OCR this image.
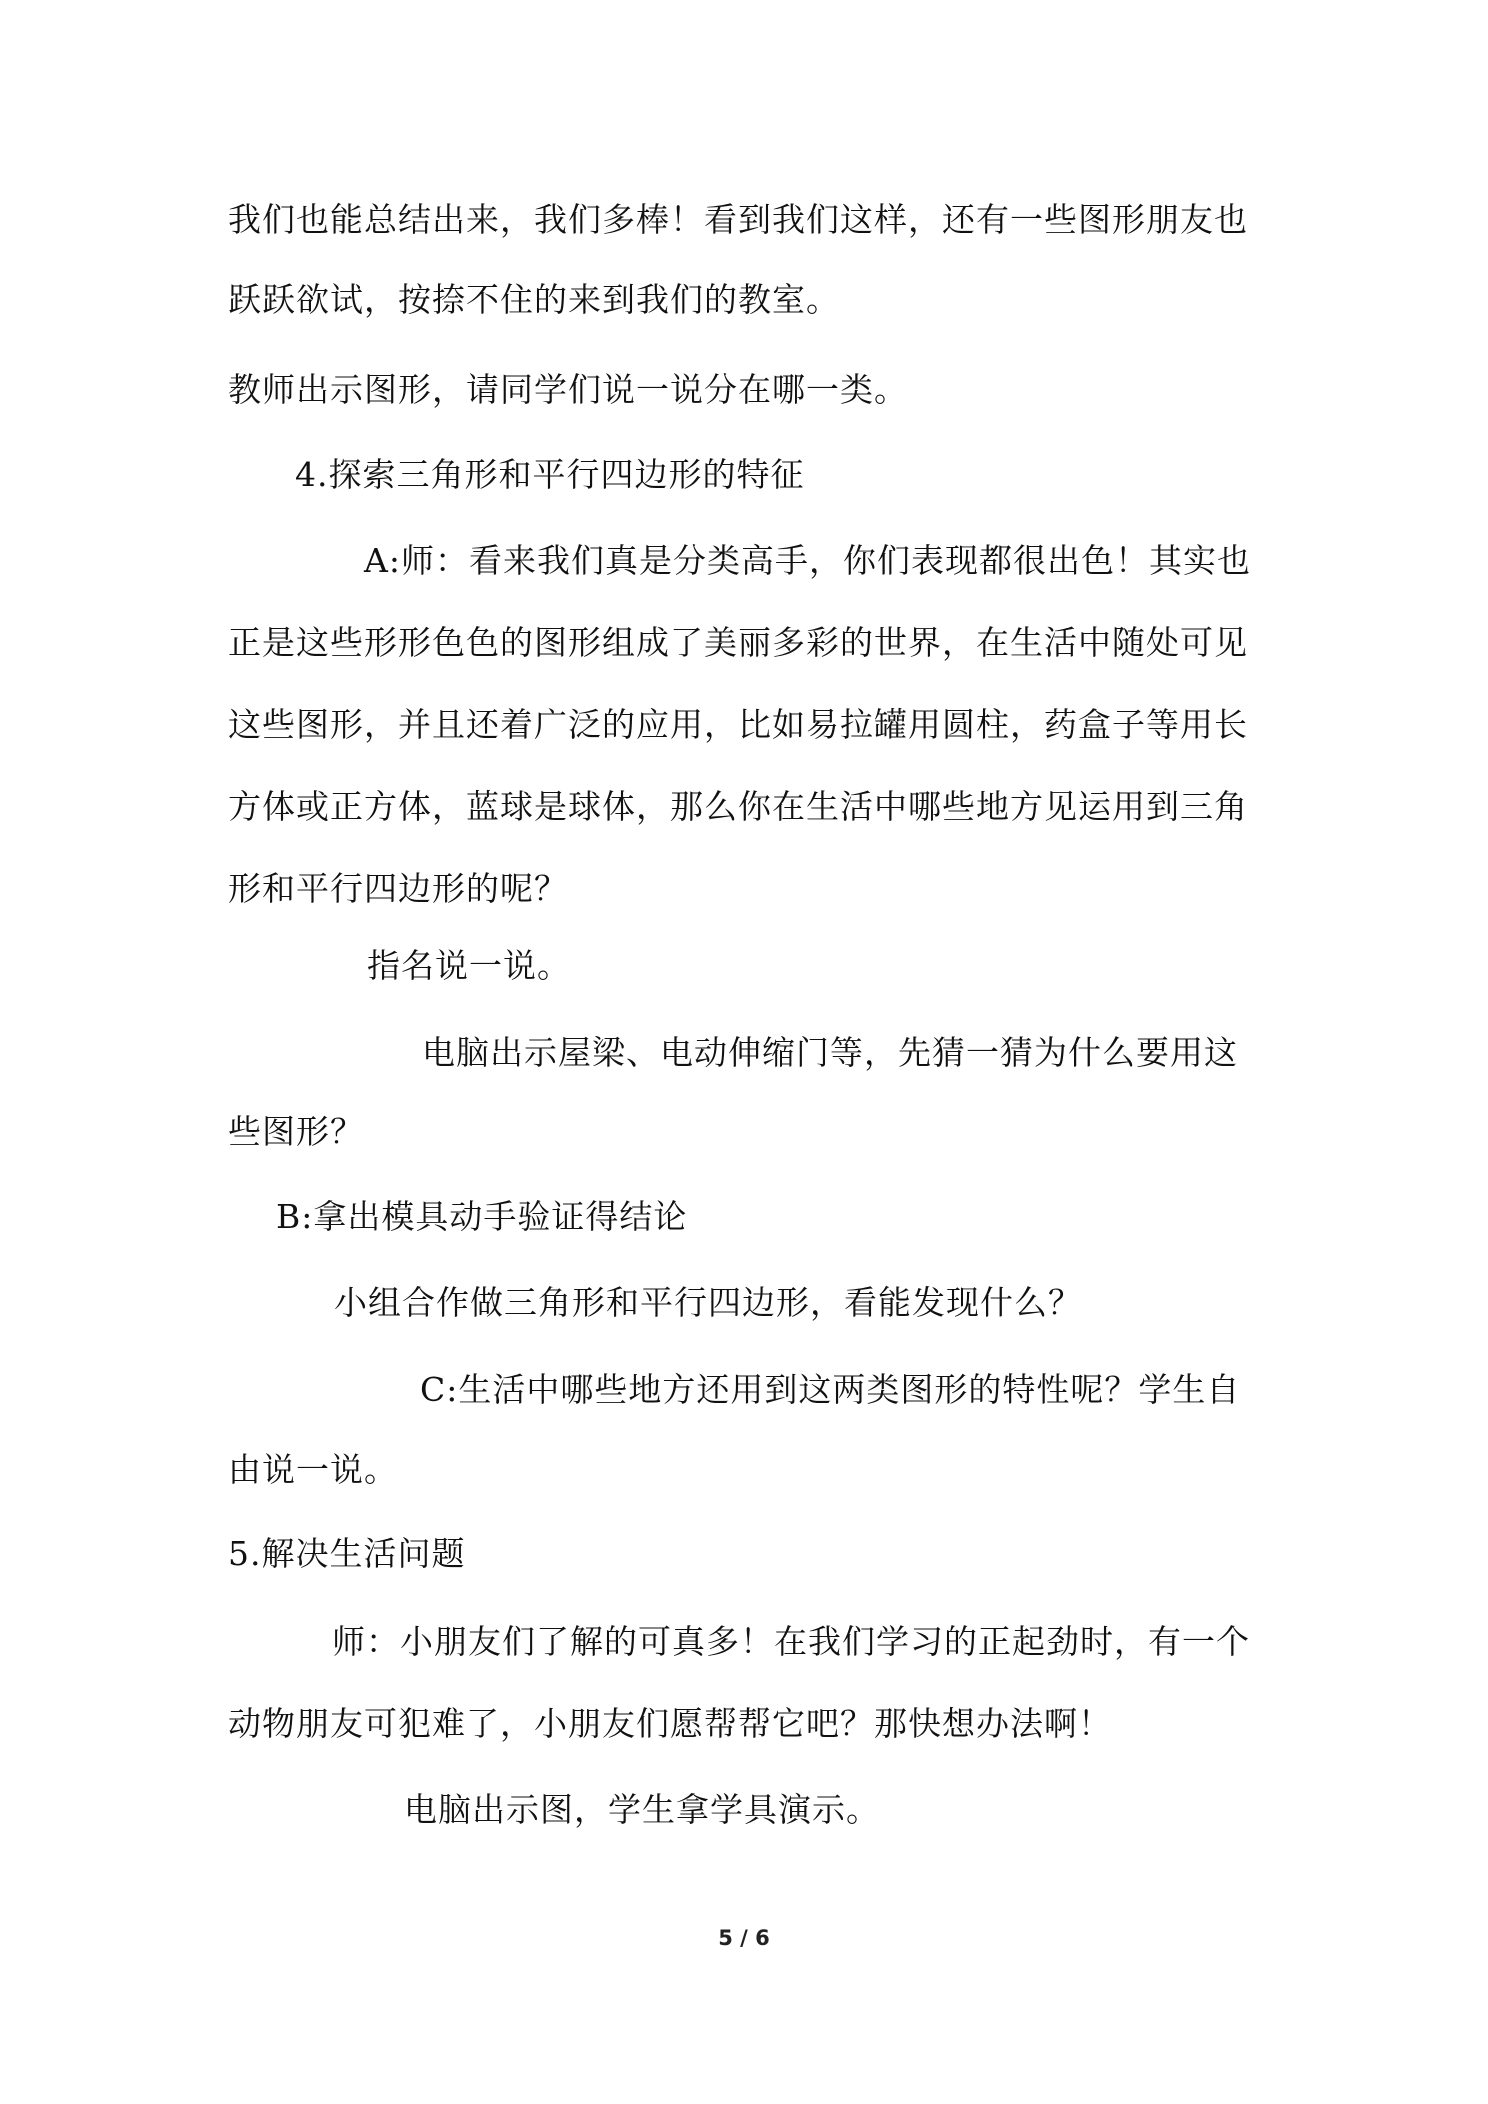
我们也能总结出来，我们多棒！看到我们这样，还有一些图形朋友也
跃跃欲试，按捺不住的来到我们的教室。
教师出示图形，请同学们说一说分在哪一类。
4.探索三角形和平行四边形的特征
A:师：看来我们真是分类高手，你们表现都很出色！其实也
正是这些形形色色的图形组成了美丽多彩的世界，在生活中随处可见
这些图形，并且还着广泛的应用，比如易拉罐用圆柱，药盒子等用长
方体或正方体，蓝球是球体，那么你在生活中哪些地方见运用到三角
形和平行四边形的呢？
指名说一说。
电脑出示屋梁、电动伸缩门等，先猜一猜为什么要用这
些图形？
B:拿出模具动手验证得结论
小组合作做三角形和平行四边形，看能发现什么？
C:生活中哪些地方还用到这两类图形的特性呢？学生自
由说一说。
5.解决生活问题
师：小朋友们了解的可真多！在我们学习的正起劲时，有一个
动物朋友可犯难了，小朋友们愿帮帮它吧？那快想办法啊！
电脑出示图，学生拿学具演示。
5 / 6
